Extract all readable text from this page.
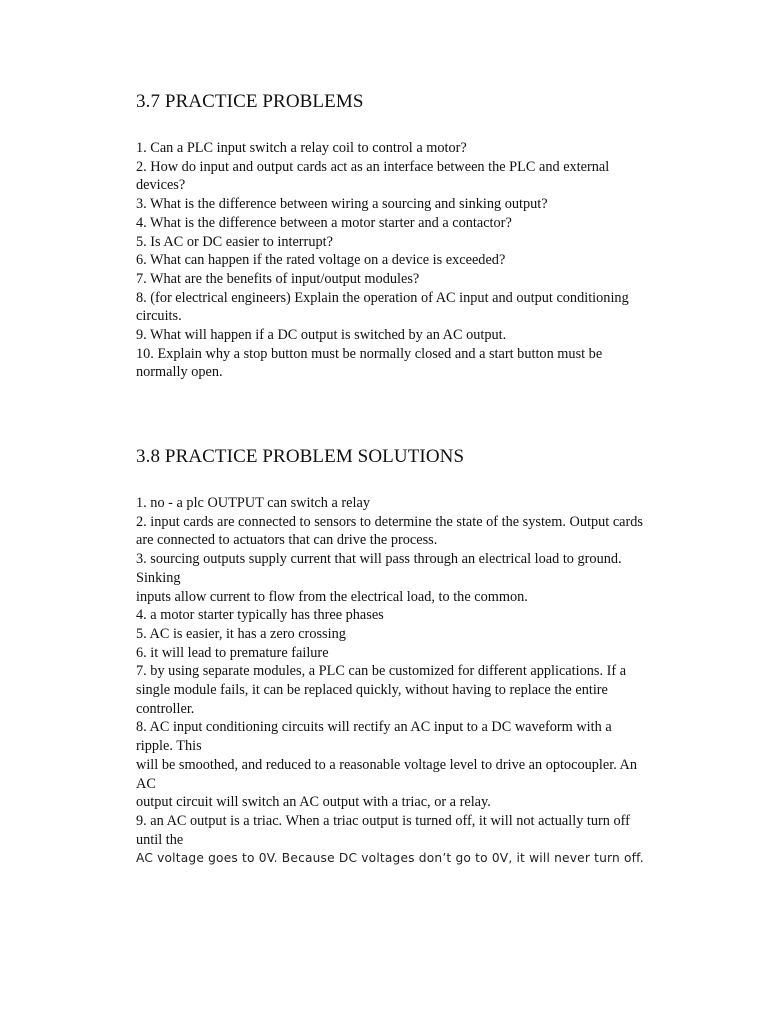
3.7 PRACTICE PROBLEMS
1. Can a PLC input switch a relay coil to control a motor?
2. How do input and output cards act as an interface between the PLC and external
devices?
3. What is the difference between wiring a sourcing and sinking output?
4. What is the difference between a motor starter and a contactor?
5. Is AC or DC easier to interrupt?
6. What can happen if the rated voltage on a device is exceeded?
7. What are the benefits of input/output modules?
8. (for electrical engineers) Explain the operation of AC input and output conditioning
circuits.
9. What will happen if a DC output is switched by an AC output.
10. Explain why a stop button must be normally closed and a start button must be
normally open.
3.8 PRACTICE PROBLEM SOLUTIONS
1. no - a plc OUTPUT can switch a relay
2. input cards are connected to sensors to determine the state of the system. Output cards
are connected to actuators that can drive the process.
3. sourcing outputs supply current that will pass through an electrical load to ground.
Sinking
inputs allow current to flow from the electrical load, to the common.
4. a motor starter typically has three phases
5. AC is easier, it has a zero crossing
6. it will lead to premature failure
7. by using separate modules, a PLC can be customized for different applications. If a
single module fails, it can be replaced quickly, without having to replace the entire
controller.
8. AC input conditioning circuits will rectify an AC input to a DC waveform with a
ripple. This
will be smoothed, and reduced to a reasonable voltage level to drive an optocoupler. An
AC
output circuit will switch an AC output with a triac, or a relay.
9. an AC output is a triac. When a triac output is turned off, it will not actually turn off
until the
AC voltage goes to 0V. Because DC voltages don’t go to 0V, it will never turn off.
